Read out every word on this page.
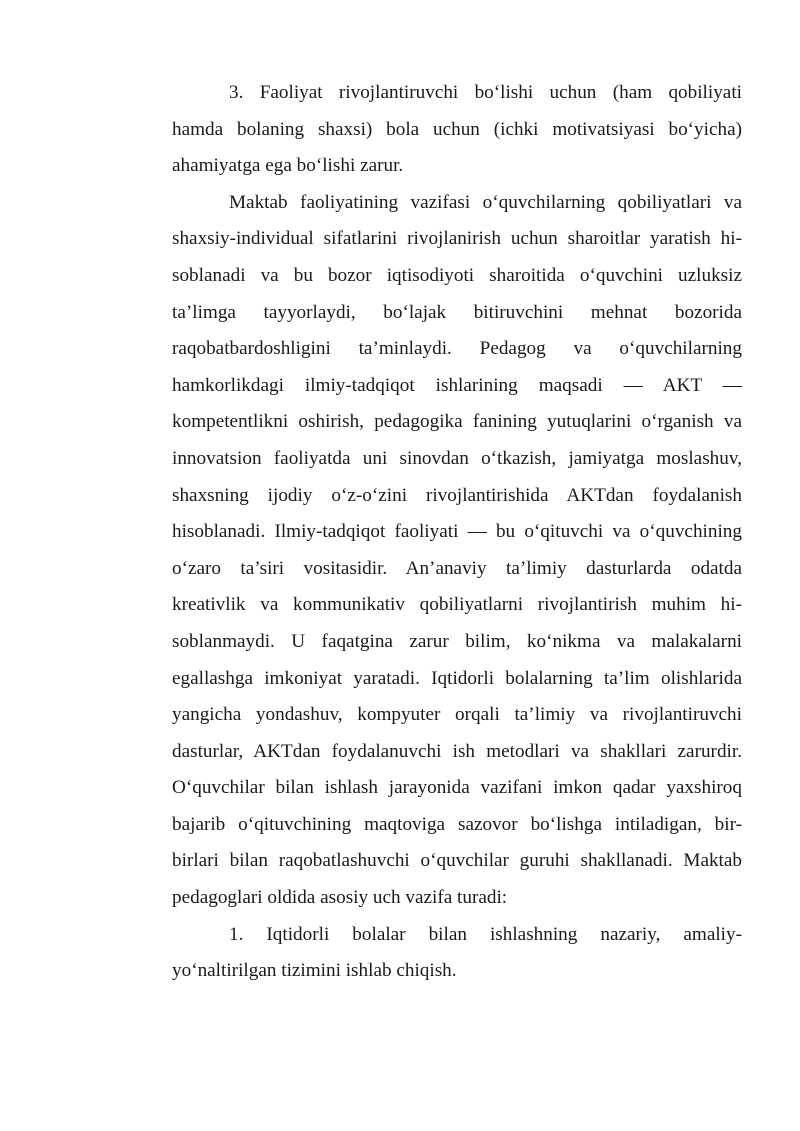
3. Faoliyat rivojlantiruvchi bo‘lishi uchun (ham qobiliyati
hamda bolaning shaxsi) bola uchun (ichki motivatsiyasi bo‘yicha)
ahamiyatga ega bo‘lishi zarur.
Maktab faoliyatining vazifasi o‘quvchilarning qobiliyatlari va
shaxsiy-individual sifatlarini rivojlanirish uchun sharoitlar yaratish hi-
soblanadi va bu bozor iqtisodiyoti sharoitida o‘quvchini uzluksiz
ta’limga tayyorlaydi, bo‘lajak bitiruvchini mehnat bozorida
raqobatbardoshligini ta’minlaydi. Pedagog va o‘quvchilarning
hamkorlikdagi ilmiy-tadqiqot ishlarining maqsadi — AKT —
kompetentlikni oshirish, pedagogika fanining yutuqlarini o‘rganish va
innovatsion faoliyatda uni sinovdan o‘tkazish, jamiyatga moslashuv,
shaxsning ijodiy o‘z-o‘zini rivojlantirishida AKTdan foydalanish
hisoblanadi. Ilmiy-tadqiqot faoliyati — bu o‘qituvchi va o‘quvchining
o‘zaro ta’siri vositasidir. An’anaviy ta’limiy dasturlarda odatda
kreativlik va kommunikativ qobiliyatlarni rivojlantirish muhim hi-
soblanmaydi. U faqatgina zarur bilim, ko‘nikma va malakalarni
egallashga imkoniyat yaratadi. Iqtidorli bolalarning ta’lim olishlarida
yangicha yondashuv, kompyuter orqali ta’limiy va rivojlantiruvchi
dasturlar, AKTdan foydalanuvchi ish metodlari va shakllari zarurdir.
O‘quvchilar bilan ishlash jarayonida vazifani imkon qadar yaxshiroq
bajarib o‘qituvchining maqtoviga sazovor bo‘lishga intiladigan, bir-
birlari bilan raqobatlashuvchi o‘quvchilar guruhi shakllanadi. Maktab
pedagoglari oldida asosiy uch vazifa turadi:
1. Iqtidorli bolalar bilan ishlashning nazariy, amaliy-
yo‘naltirilgan tizimini ishlab chiqish.
